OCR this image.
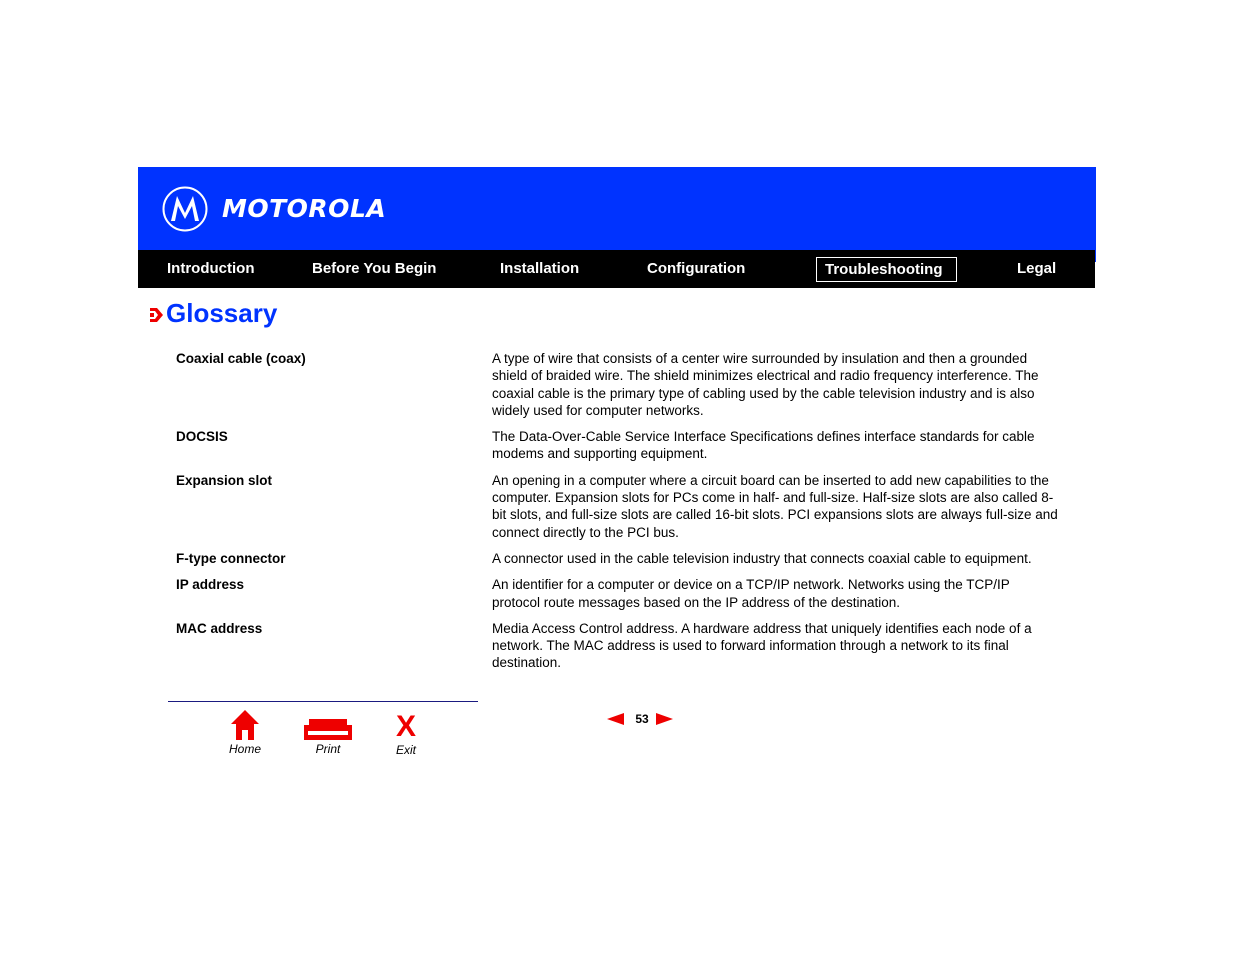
MOTOROLA
Introduction	Before You Begin	Installation	Configuration	Troubleshooting	Legal
Glossary
Coaxial cable (coax)	A type of wire that consists of a center wire surrounded by insulation and then a grounded shield of braided wire. The shield minimizes electrical and radio frequency interference. The coaxial cable is the primary type of cabling used by the cable television industry and is also widely used for computer networks.
DOCSIS	The Data-Over-Cable Service Interface Specifications defines interface standards for cable modems and supporting equipment.
Expansion slot	An opening in a computer where a circuit board can be inserted to add new capabilities to the computer. Expansion slots for PCs come in half- and full-size. Half-size slots are also called 8-bit slots, and full-size slots are called 16-bit slots. PCI expansions slots are always full-size and connect directly to the PCI bus.
F-type connector	A connector used in the cable television industry that connects coaxial cable to equipment.
IP address	An identifier for a computer or device on a TCP/IP network. Networks using the TCP/IP protocol route messages based on the IP address of the destination.
MAC address	Media Access Control address. A hardware address that uniquely identifies each node of a network. The MAC address is used to forward information through a network to its final destination.
Home	Print
X
Exit
53
